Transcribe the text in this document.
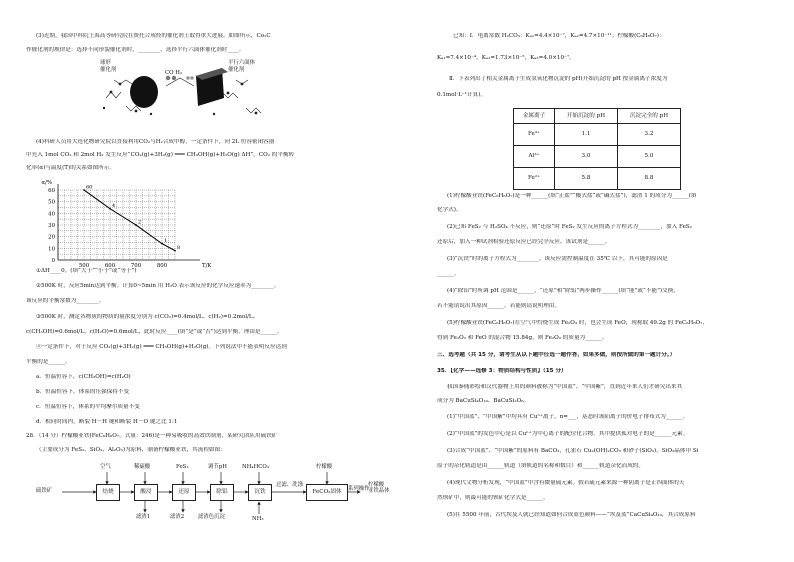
(3)近期，我国中科院上海高等研究院在费托合成烃的催化剂上取得重大进展。如图所示，Co₂C
作催化剂的规律是：选择不同形貌催化剂时，________，选择平行六面体催化剂时____。
球形
催化剂
CO H₂
平行六面体
催化剂
(4)科研人员用大连化物研究院以直接利用CO₂与H₂合成甲醇。一定条件下，向 2L 恒容密闭容器
中充入 1mol CO₂ 和 2mol H₂ 发生反应“CO₂(g)+3H₂(g) ═══ CH₃OH(g)+H₂O(g) ΔH”。CO₂ 的平衡转
化率(α)与温度(T)的关系如图所示。
0
10
20
30
40
50
60
500	600	700	800
α/%
T/K
60
4
2
1
8
①ΔH____0。(填“大于”“小于”或“等于”)
②500K 时，反应5min达到平衡。计算0~5min 用 H₂O 表示该反应的化学反应速率为________。
该反应的平衡常数为________。
③500K 时，测定各物质的物质的量浓度分别为 c(CO₂)=0.4mol/L、c(H₂)=0.2mol/L、
c(CH₃OH)=0.6mol/L、c(H₂O)=0.6mol/L，此时反应____(填“是”或“否”)达到平衡，理由是______。
④一定条件下，对于反应 CO₂(g)+3H₂(g) ═══ CH₃OH(g)+H₂O(g)。下列说法中不能表明反应达到
平衡的是______。
a．恒温恒容下，c(CH₃OH)=c(H₂O)
b．恒温恒容下，体系的压强保持不变
c．恒温恒容下，体系的平均摩尔质量不变
d．相同时间内，断裂 H－H 键和断裂 H－O 键之比 1:1
28．（14 分）柠檬酸亚铁(FeC₆H₆O₇，式量：246)是一种易吸收的高效铁制剂，某研究团队用硫铁矿
（主要成分为 FeS₂、SiO₂、Al₂O₃)为原料，制备柠檬酸亚铁，其流程如图：
硫铁矿	焙烧	酸浸	还原	除铝	沉铁	FeCO₃固体	系列操作
柠檬酸
亚铁晶体
空气	稀硫酸	FeS₂	调节pH	NH₄HCO₃	柠檬酸
过滤、洗涤
滤渣1	滤渣2	滤渣色沉淀	NH₃
已知：Ⅰ．电离常数 H₂CO₃：Kₐ₁=4.4×10⁻⁷，Kₐ₂=4.7×10⁻¹¹；柠檬酸(C₆H₈O₇)：
Kₐ₁=7.4×10⁻⁴，Kₐ₂=1.73×10⁻⁵，Kₐ₃=4.0×10⁻⁷。
Ⅱ．下表列出了相关金属离子生成氢氧化物沉淀的 pH(开始沉淀的 pH 按金属离子浓度为
0.1mol·L⁻¹计算)。
金属离子	开始沉淀的 pH	沉淀完全的 pH
Fe³⁺	1.1	3.2
Al³⁺	3.0	5.0
Fe²⁺	5.8	8.8
(1)柠檬酸亚铁(FeC₆H₆O₇)是一种______(填“正盐”“酸式盐”或“碱式盐”)，滤渣 1 的成分为______(填
化学式)。
(2)已知 FeS₂ 与 H₂SO₄ 不反应，则“还原”时 FeS₂ 发生反应的离子方程式为________，加入 FeS₂
还原后，加入一种试剂检验还原反应已经完全反应，该试剂是______。
(3)“沉铁”时的离子方程式为________，该反应需控制温度在 35℃ 以下，其可能的原因是
______。
(4)“除铝”时所调 pH 范围是______，“还原”和“除铝”两步操作______(填“能”或“不能”)交换，
若不能请说出其原因______，若能则请说明理由。
(5)柠檬酸亚铁(FeC₆H₆O₇)在空气中灼烧生成 Fe₂O₃ 时，也会生成 FeO，现称取 49.2g 的 FeC₆H₆O₇，
得到 Fe₂O₃ 和 FeO 的混合物 15.84g，则 Fe₂O₃ 的质量为______。
三、选考题（共 15 分，请考生从以下题中任选一题作答，如果多做，则按所做的第一题计分。）
35．【化学——选修 3：物质结构与性质】（15 分）
我国秦俑彩绘和汉代器物上用的颜料被称为“中国蓝”、“中国紫”，直到近年来人们才研究出来其
成分为 BaCuSi₄O₁₀、BaCuSi₂O₆。
(1)“中国蓝”、“中国紫”中均具有 Cuⁿ⁺离子，n=___，基态时该阳离子的价电子排布式为______。
(2)“中国蓝”的发色中心是以 Cuⁿ⁺为中心离子的配位化合物，其中提供孤对电子的是______元素。
(3)合成“中国蓝”、“中国紫”的原料有 BaCO₃，孔雀石 Cu₂(OH)₂CO₃ 和砂子(SiO₂)。SiO₂晶体中 Si
原子的杂化轨道是由______轨道（填轨道的名称和数目）和______轨道杂化而成的。
(4)现代文物分析发现，“中国蓝”中含有微量硫元素。假若硫元素来源一种阴离子是正四面体的天
然钡矿中，则最可能的钡矿化学式是______。
(5)在 5500 年前，古代埃及人就已经知道如何合成蓝色颜料——“埃及蓝”CaCuSi₄O₁₀，其合成原料
